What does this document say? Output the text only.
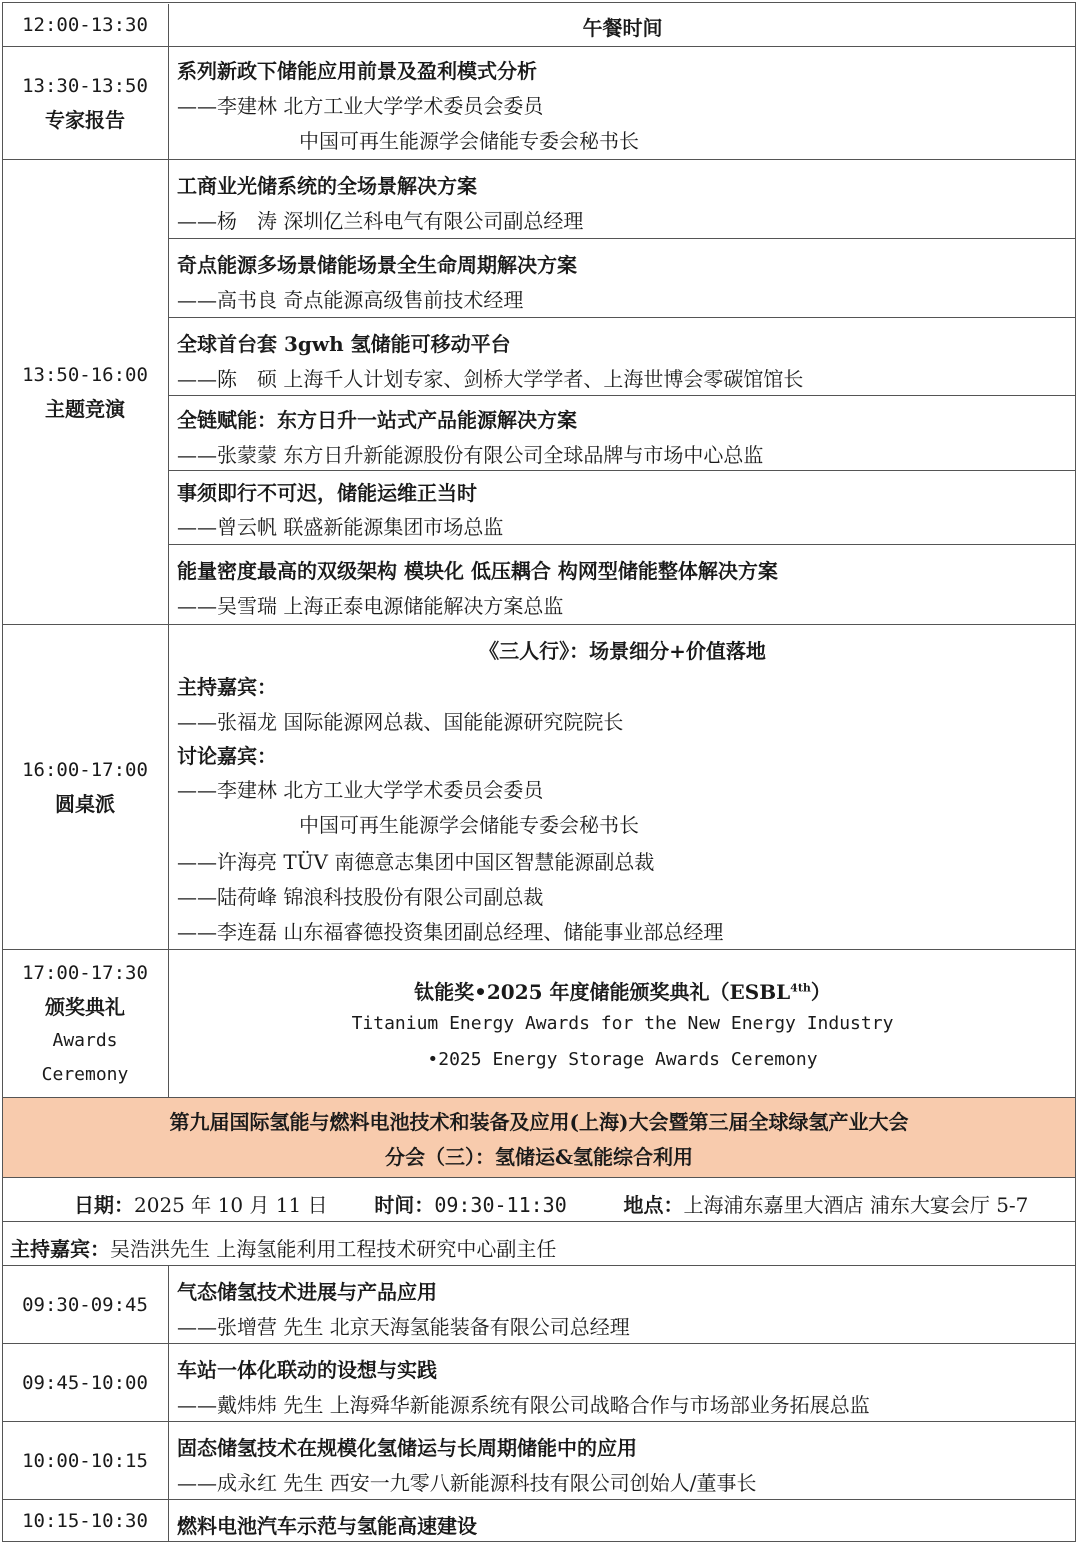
12:00-13:30	午餐时间
13:30-13:50
专家报告
系列新政下储能应用前景及盈利模式分析
——李建林 北方工业大学学术委员会委员
中国可再生能源学会储能专委会秘书长
13:50-16:00
主题竞演
工商业光储系统的全场景解决方案
——杨　涛 深圳亿兰科电气有限公司副总经理
奇点能源多场景储能场景全生命周期解决方案
——高书良 奇点能源高级售前技术经理
全球首台套 3gwh 氢储能可移动平台
——陈　硕 上海千人计划专家、剑桥大学学者、上海世博会零碳馆馆长
全链赋能：东方日升一站式产品能源解决方案
——张蒙蒙 东方日升新能源股份有限公司全球品牌与市场中心总监
事须即行不可迟，储能运维正当时
——曾云帆 联盛新能源集团市场总监
能量密度最高的双级架构 模块化 低压耦合 构网型储能整体解决方案
——吴雪瑞 上海正泰电源储能解决方案总监
16:00-17:00
圆桌派
《三人行》：场景细分+价值落地
主持嘉宾：
——张福龙 国际能源网总裁、国能能源研究院院长
讨论嘉宾：
——李建林 北方工业大学学术委员会委员
中国可再生能源学会储能专委会秘书长
——许海亮 TÜV 南德意志集团中国区智慧能源副总裁
——陆荷峰 锦浪科技股份有限公司副总裁
——李连磊 山东福睿德投资集团副总经理、储能事业部总经理
17:00-17:30
颁奖典礼
Awards
Ceremony
钛能奖•2025 年度储能颁奖典礼$(ESBL^{4th})$
Titanium Energy Awards for the New Energy Industry
•2025 Energy Storage Awards Ceremony
第九届国际氢能与燃料电池技术和装备及应用(上海)大会暨第三届全球绿氢产业大会
分会（三）：氢储运&氢能综合利用
日期：2025 年 10 月 11 日 时间：09:30-11:30	地点：上海浦东嘉里大酒店 浦东大宴会厅 5-7
主持嘉宾：吴浩洪先生 上海氢能利用工程技术研究中心副主任
09:30-09:45
气态储氢技术进展与产品应用
——张增营 先生 北京天海氢能装备有限公司总经理
09:45-10:00
车站一体化联动的设想与实践
——戴炜炜 先生 上海舜华新能源系统有限公司战略合作与市场部业务拓展总监
10:00-10:15
固态储氢技术在规模化氢储运与长周期储能中的应用
——成永红 先生 西安一九零八新能源科技有限公司创始人/董事长
10:15-10:30 燃料电池汽车示范与氢能高速建设
